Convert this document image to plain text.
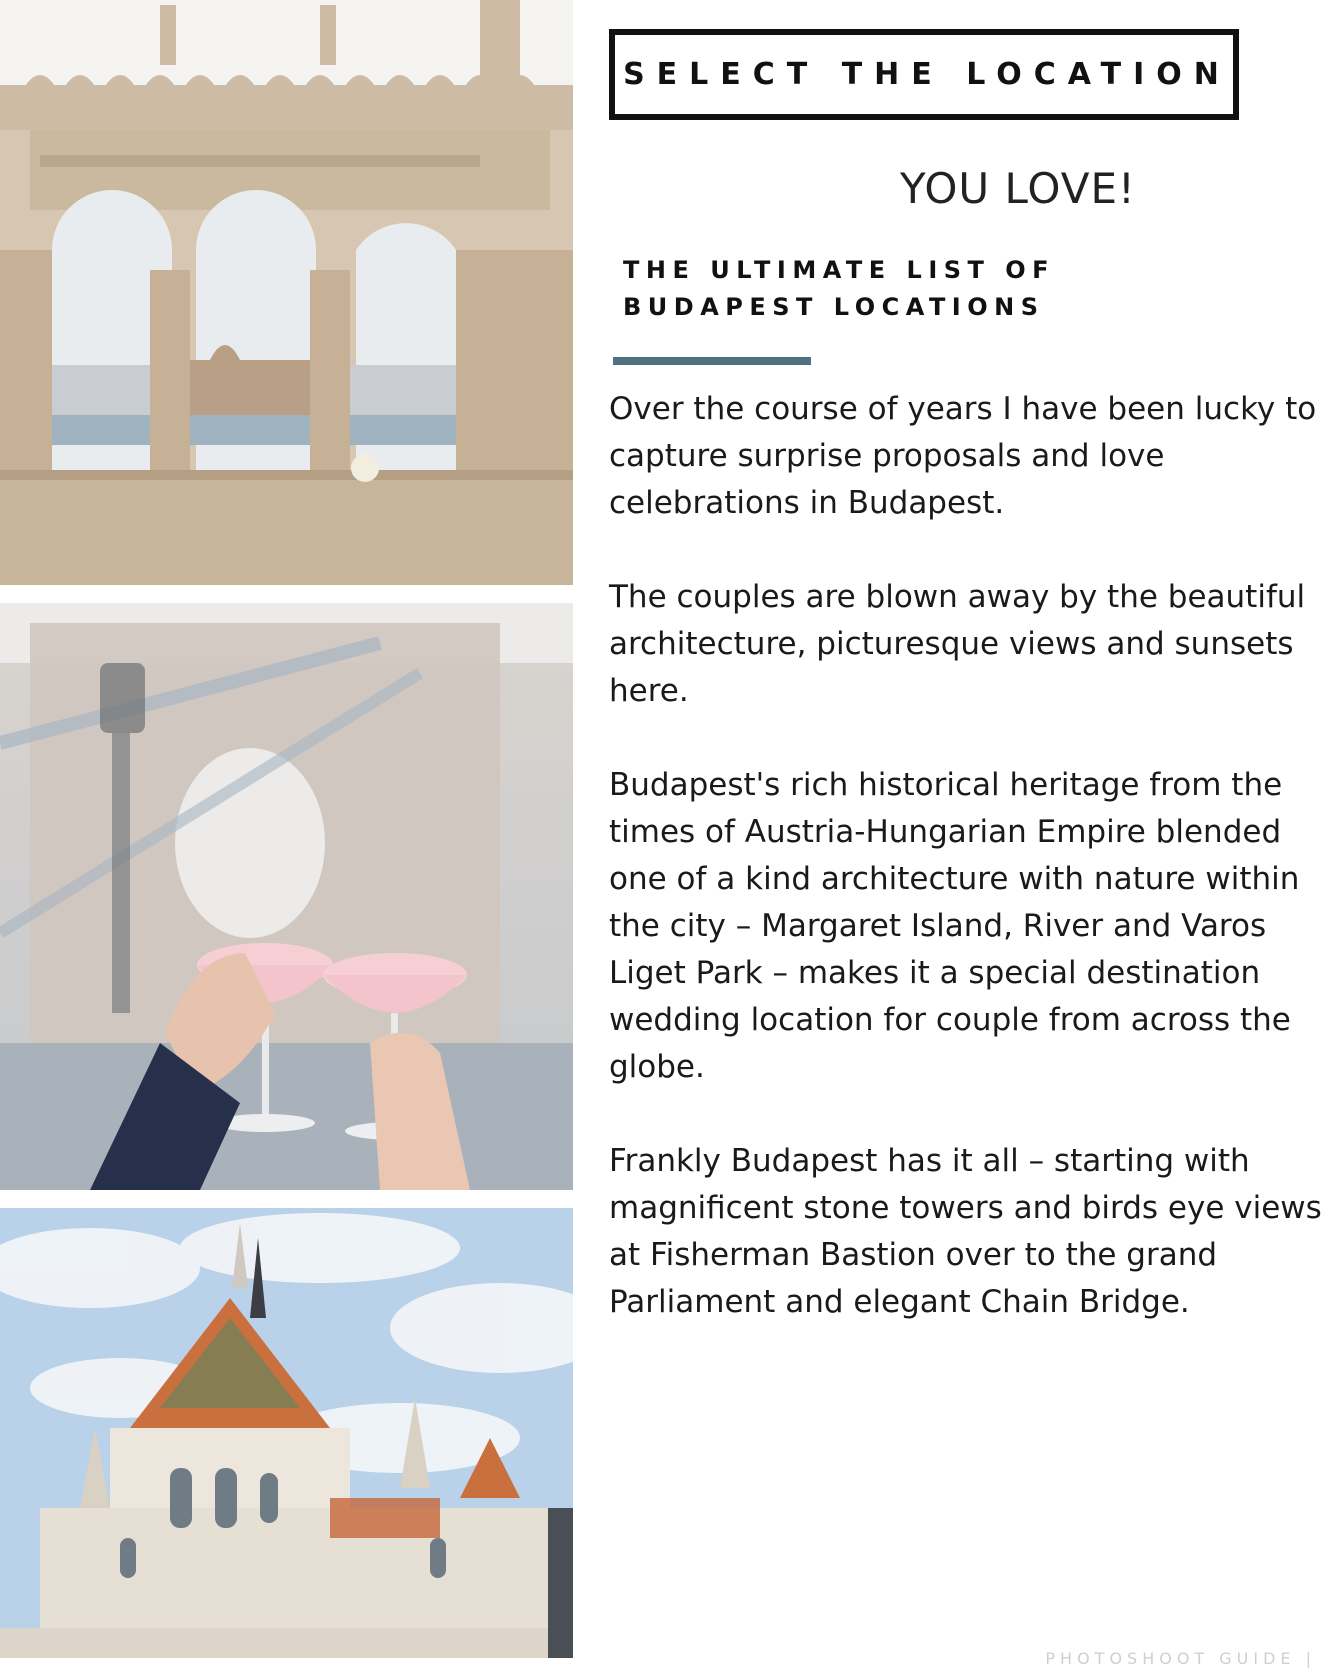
SELECT THE LOCATION
YOU LOVE!
THE ULTIMATE LIST OF
BUDAPEST LOCATIONS

Over the course of years I have been lucky to capture surprise proposals and love celebrations in Budapest.

The couples are blown away by the beautiful architecture, picturesque views and sunsets here.

Budapest's rich historical heritage from the times of Austria-Hungarian Empire blended one of a kind architecture with nature within the city – Margaret Island, River and Varos Liget Park – makes it a special destination wedding location for couple from across the globe.

Frankly Budapest has it all – starting with magnificent stone towers and birds eye views at Fisherman Bastion over to the grand Parliament and elegant Chain Bridge.

PHOTOSHOOT GUIDE |
